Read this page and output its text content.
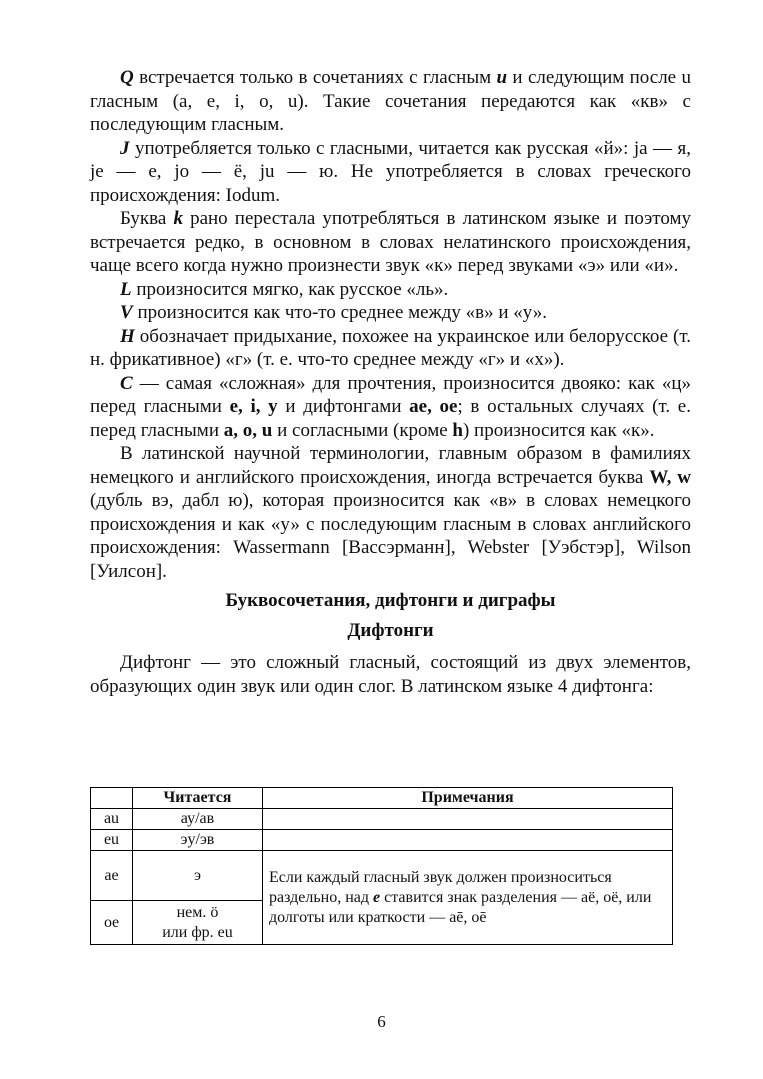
Q встречается только в сочетаниях с гласным u и следующим после u гласным (a, e, i, o, u). Такие сочетания передаются как «кв» с последующим гласным.

J употребляется только с гласными, читается как русская «й»: ja — я, je — е, jo — ё, ju — ю. Не употребляется в словах греческого происхождения: Iodum.

Буква k рано перестала употребляться в латинском языке и поэтому встречается редко, в основном в словах нелатинского происхождения, чаще всего когда нужно произнести звук «к» перед звуками «э» или «и».

L произносится мягко, как русское «ль».

V произносится как что-то среднее между «в» и «у».

H обозначает придыхание, похожее на украинское или белорусское (т. н. фрикативное) «г» (т. е. что-то среднее между «г» и «х»).

C — самая «сложная» для прочтения, произносится двояко: как «ц» перед гласными e, i, y и дифтонгами ae, oe; в остальных случаях (т. е. перед гласными a, o, u и согласными (кроме h) произносится как «к».

В латинской научной терминологии, главным образом в фамилиях немецкого и английского происхождения, иногда встречается буква W, w (дубль вэ, дабл ю), которая произносится как «в» в словах немецкого происхождения и как «у» с последующим гласным в словах английского происхождения: Wassermann [Вассэрманн], Webster [Уэбстэр], Wilson [Уилсон].

Буквосочетания, дифтонги и диграфы
Дифтонги

Дифтонг — это сложный гласный, состоящий из двух элементов, образующих один звук или один слог. В латинском языке 4 дифтонга:

	Читается	Примечания
au	ау/ав	
eu	эу/эв	
ae	э	Если каждый гласный звук должен произноситься раздельно, над e ставится знак разделения — aë, oë, или долготы или краткости — aē, oē
oe	нем. ö
или фр. eu	
6
